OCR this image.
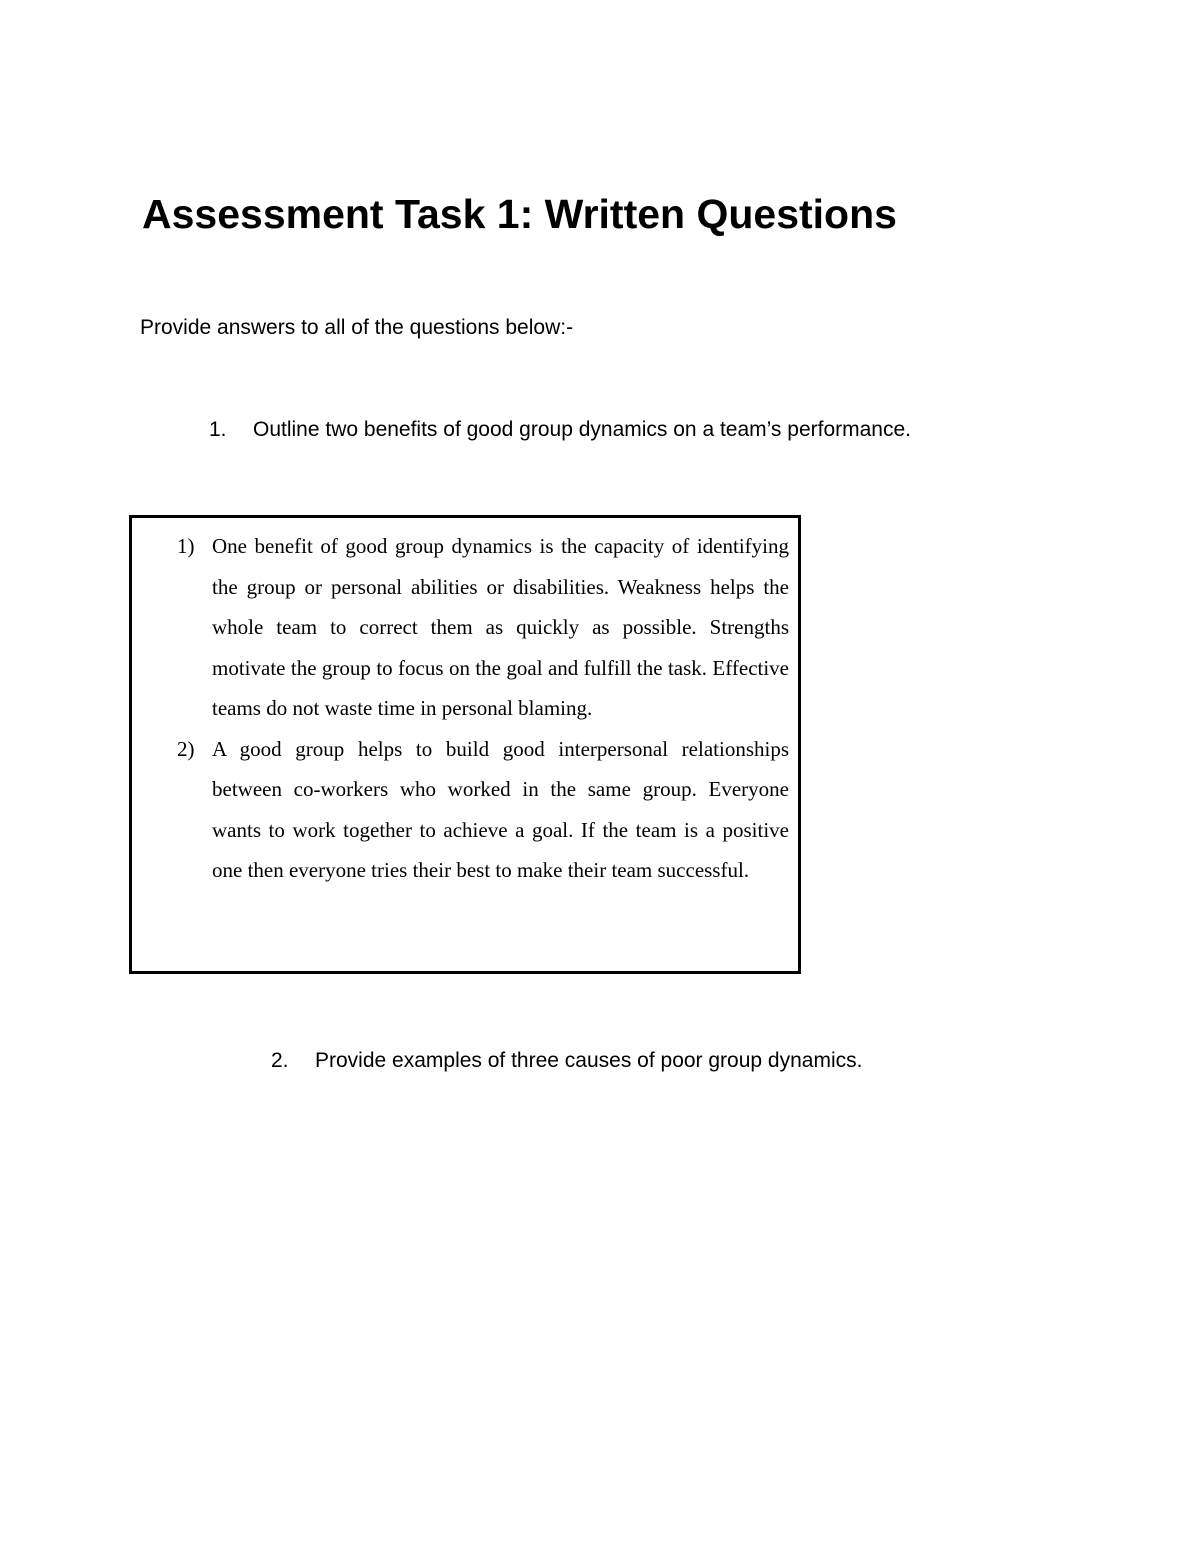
Assessment Task 1: Written Questions

Provide answers to all of the questions below:-

1. Outline two benefits of good group dynamics on a team’s performance.
1) One benefit of good group dynamics is the capacity of identifying the group or personal abilities or disabilities. Weakness helps the whole team to correct them as quickly as possible. Strengths motivate the group to focus on the goal and fulfill the task. Effective teams do not waste time in personal blaming.
2) A good group helps to build good interpersonal relationships between co-workers who worked in the same group. Everyone wants to work together to achieve a goal. If the team is a positive one then everyone tries their best to make their team successful.
2. Provide examples of three causes of poor group dynamics.
